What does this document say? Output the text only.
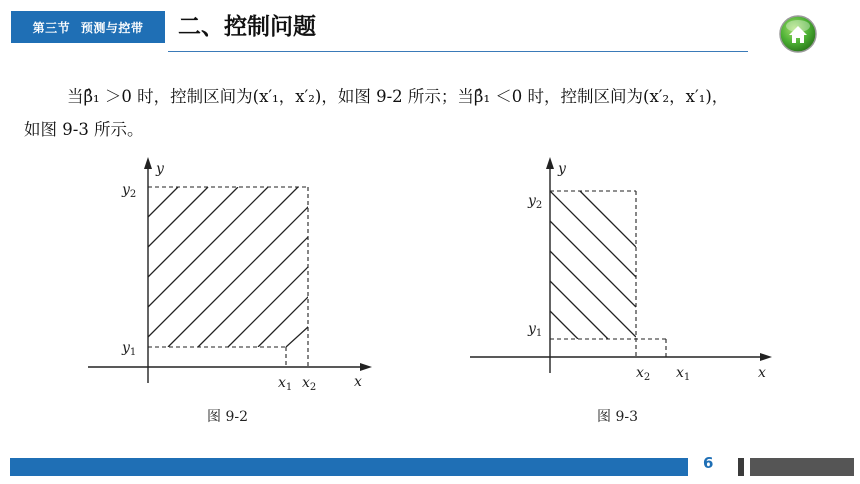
第三节 预测与控带 二、控制问题
当β̂₁ ＞0 时，控制区间为(x′₁，x′₂)，如图 9-2 所示；当β̂₁ ＜0 时，控制区间为(x′₂，x′₁)，
如图 9-3 所示。
y
x
$y_2$
$y_1$
$x_1$ $x_2$
图 9-2
y
x
$y_2$
$y_1$
$x_2$ $x_1$
图 9-3
6
